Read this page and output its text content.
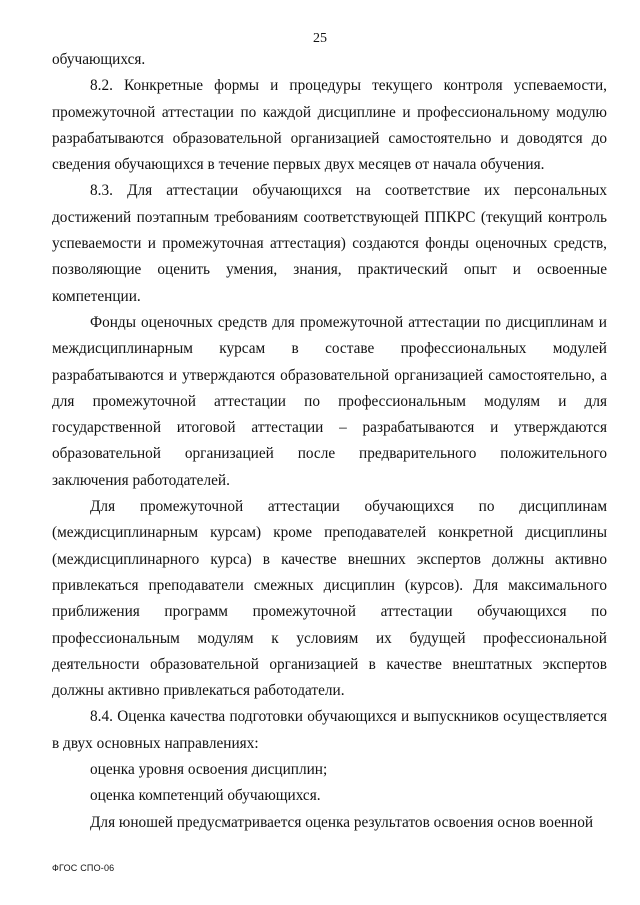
25

обучающихся.

8.2. Конкретные формы и процедуры текущего контроля успеваемости, промежуточной аттестации по каждой дисциплине и профессиональному модулю разрабатываются образовательной организацией самостоятельно и доводятся до сведения обучающихся в течение первых двух месяцев от начала обучения.

8.3. Для аттестации обучающихся на соответствие их персональных достижений поэтапным требованиям соответствующей ППКРС (текущий контроль успеваемости и промежуточная аттестация) создаются фонды оценочных средств, позволяющие оценить умения, знания, практический опыт и освоенные компетенции.

Фонды оценочных средств для промежуточной аттестации по дисциплинам и междисциплинарным курсам в составе профессиональных модулей разрабатываются и утверждаются образовательной организацией самостоятельно, а для промежуточной аттестации по профессиональным модулям и для государственной итоговой аттестации – разрабатываются и утверждаются образовательной организацией после предварительного положительного заключения работодателей.

Для промежуточной аттестации обучающихся по дисциплинам (междисциплинарным курсам) кроме преподавателей конкретной дисциплины (междисциплинарного курса) в качестве внешних экспертов должны активно привлекаться преподаватели смежных дисциплин (курсов). Для максимального приближения программ промежуточной аттестации обучающихся по профессиональным модулям к условиям их будущей профессиональной деятельности образовательной организацией в качестве внештатных экспертов должны активно привлекаться работодатели.

8.4. Оценка качества подготовки обучающихся и выпускников осуществляется в двух основных направлениях:

оценка уровня освоения дисциплин;

оценка компетенций обучающихся.

Для юношей предусматривается оценка результатов освоения основ военной

ФГОС СПО-06
